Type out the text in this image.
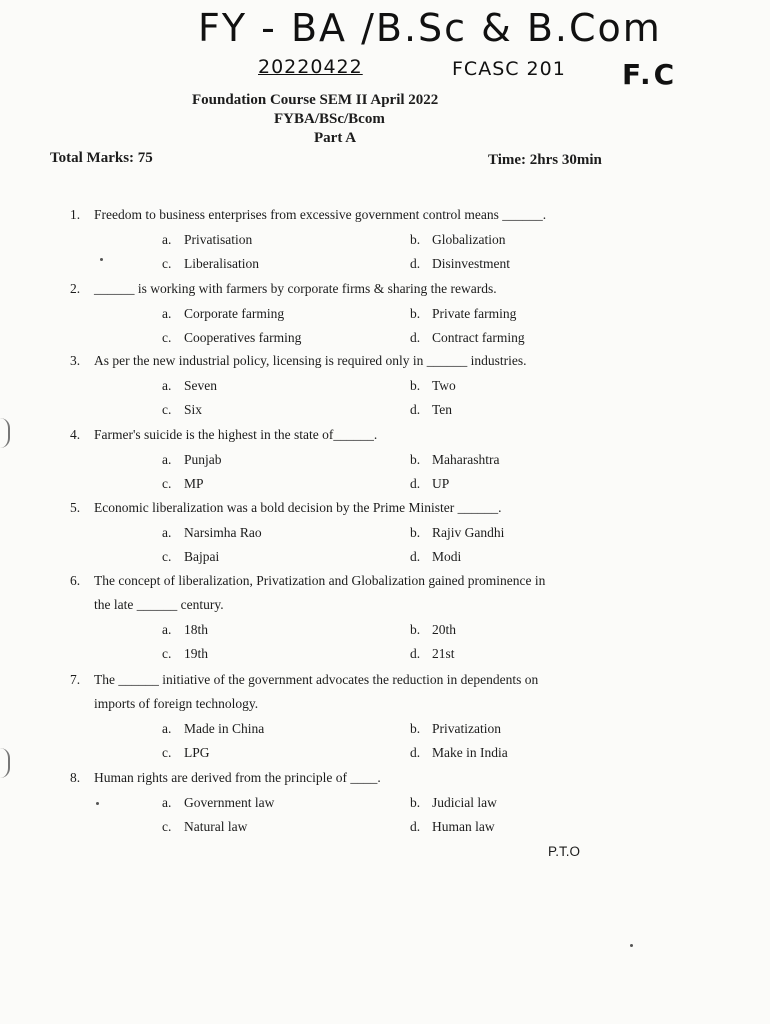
FY - BA /B.Sc & B.Com
20220422	FCASC 201 F.C
Foundation Course SEM II April 2022
FYBA/BSc/Bcom
Part A
Total Marks: 75	Time: 2hrs 30min
1. Freedom to business enterprises from excessive government control means ______.
a. Privatisation	b. Globalization
c. Liberalisation	d. Disinvestment
2. ______ is working with farmers by corporate firms & sharing the rewards.
a. Corporate farming	b. Private farming
c. Cooperatives farming	d. Contract farming
3. As per the new industrial policy, licensing is required only in ______ industries.
a. Seven	b. Two
c. Six	d. Ten
4. Farmer's suicide is the highest in the state of______.
a. Punjab	b. Maharashtra
c. MP	d. UP
5. Economic liberalization was a bold decision by the Prime Minister ______.
a. Narsimha Rao	b. Rajiv Gandhi
c. Bajpai	d. Modi
6. The concept of liberalization, Privatization and Globalization gained prominence in
the late ______ century.
a. 18th	b. 20th
c. 19th	d. 21st
7. The ______ initiative of the government advocates the reduction in dependents on
imports of foreign technology.
a. Made in China	b. Privatization
c. LPG	d. Make in India
8. Human rights are derived from the principle of ____.
a. Government law	b. Judicial law
c. Natural law	d. Human law
P.T.O
